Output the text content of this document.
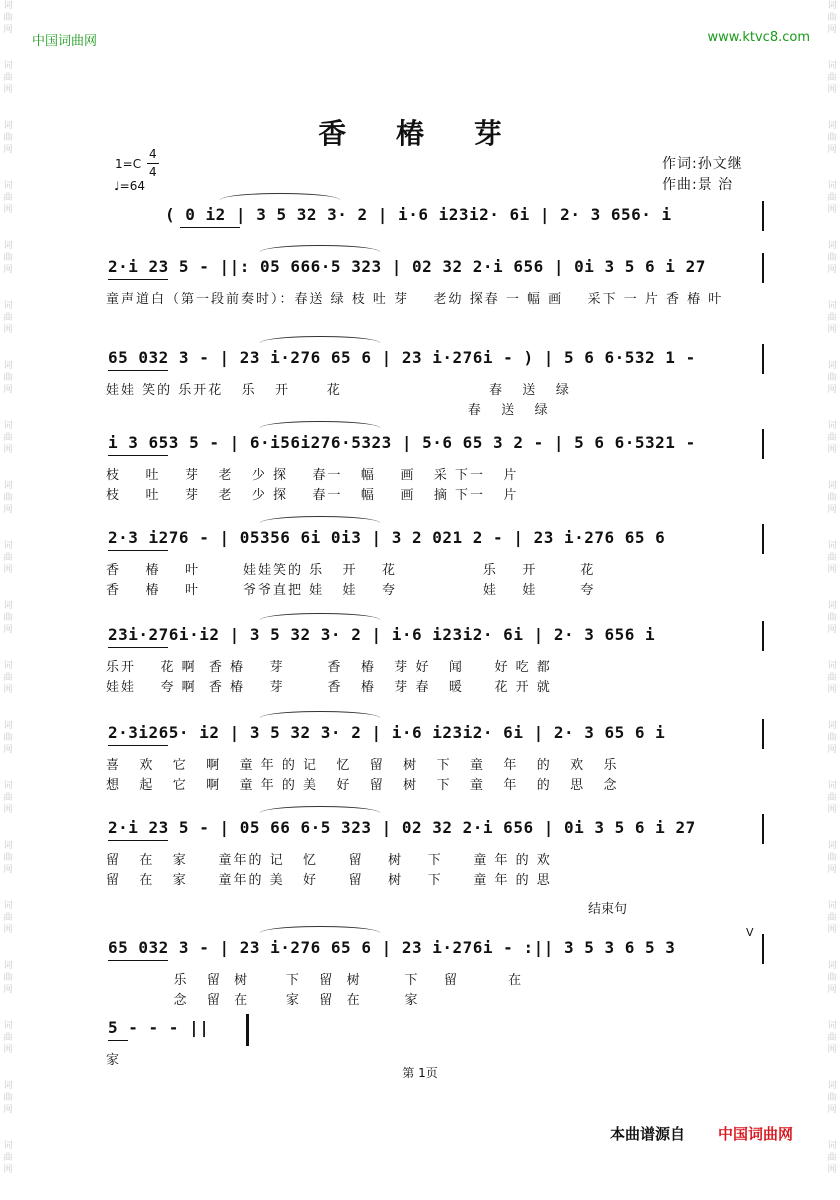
词
曲
网
词
曲
网
词
曲
网
词
曲
网
词
曲
网
词
曲
网
词
曲
网
词
曲
网
词
曲
网
词
曲
网
词
曲
网
词
曲
网
词
曲
网
词
曲
网
词
曲
网
词
曲
网
词
曲
网
词
曲
网
词
曲
网
词
曲
网
词
曲
网
词
曲
网
词
曲
网
词
曲
网
词
曲
网
词
曲
网
词
曲
网
词
曲
网
词
曲
网
词
曲
网
词
曲
网
词
曲
网
词
曲
网
词
曲
网
词
曲
网
词
曲
网
词
曲
网
词
曲
网
词
曲
网
词
曲
网
中国词曲网	www.ktvc8.com
香 椿 芽
1=C
4
4
♩=64
作词:孙文继
作曲:景 治
( 0 i2 | 3 5 32 3· 2 | i·6 i23i2· 6i | 2· 3 656· i
2·i 23 5 - ||: 05 666·5 323 | 02 32 2·i 656 | 0i 3 5 6 i 27
童声道白（第一段前奏时）：春送 绿 枝 吐 芽    老幼 探春 一 幅 画    采下 一 片 香 椿 叶
65 032 3 - | 23 i·276 65 6 | 23 i·276i - ) | 5 6 6·532 1 -
娃娃 笑的 乐开花   乐   开      花                        春   送   绿
春   送   绿
i 3 653 5 - | 6·i56i276·5323 | 5·6 65 3 2 - | 5 6 6·5321 -
枝    吐    芽   老   少 探    春一   幅    画   采 下一   片
枝    吐    芽   老   少 探    春一   幅    画   摘 下一   片
2·3 i276 - | 05356 6i 0i3 | 3 2 021 2 - | 23 i·276 65 6
香    椿    叶       娃娃笑的 乐   开    花              乐    开       花
香    椿    叶       爷爷直把 娃   娃    夸              娃    娃       夸
23i·276i·i2 | 3 5 32 3· 2 | i·6 i23i2· 6i | 2· 3 656 i
乐开    花 啊  香 椿    芽       香   椿   芽 好   闻     好 吃 都
娃娃    夸 啊  香 椿    芽       香   椿   芽 春   暖     花 开 就
2·3i265· i2 | 3 5 32 3· 2 | i·6 i23i2· 6i | 2· 3 65 6 i
喜   欢   它   啊   童 年 的 记   忆   留   树   下   童   年   的   欢   乐
想   起   它   啊   童 年 的 美   好   留   树   下   童   年   的   思   念
2·i 23 5 - | 05 66 6·5 323 | 02 32 2·i 656 | 0i 3 5 6 i 27
留   在   家     童年的 记   忆     留    树    下     童 年 的 欢
留   在   家     童年的 美   好     留    树    下     童 年 的 思
65 032 3 - | 23 i·276 65 6 | 23 i·276i - :|| 3 5 3 6 5 3
乐   留  树      下   留  树       下    留        在
念   留  在      家   留  在       家
结束句
V
5 - - - ||
家
第 1页
本曲谱源自 中国词曲网
